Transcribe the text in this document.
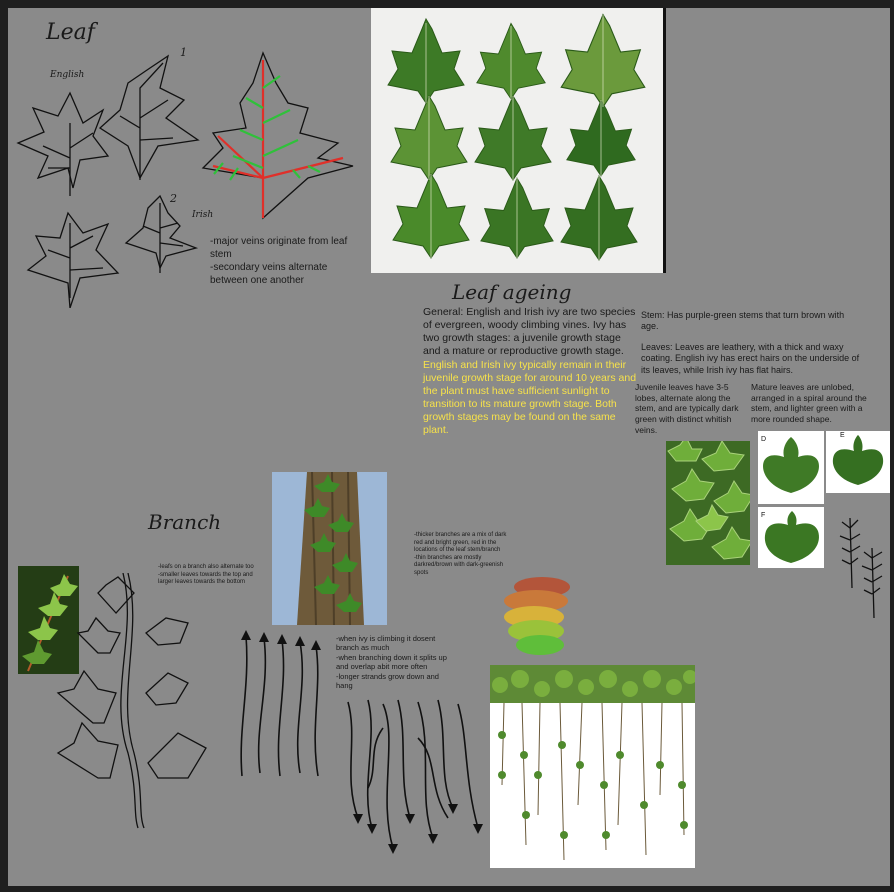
Leaf
English
1
2
Irish
-major veins originate from leaf stem
-secondary veins alternate between one another	Leaf ageing
General: English and Irish ivy are two species of evergreen, woody climbing vines. Ivy has two growth stages: a juvenile growth stage and a mature or reproductive growth stage. English and Irish ivy typically remain in their juvenile growth stage for around 10 years and the plant must have sufficient sunlight to transition to its mature growth stage. Both growth stages may be found on the same plant.
Stem: Has purple-green stems that turn brown with age.
Leaves: Leaves are leathery, with a thick and waxy coating. English ivy has erect hairs on the underside of its leaves, while Irish ivy has flat hairs.
Juvenile leaves have 3-5 lobes, alternate along the stem, and are typically dark green with distinct whitish veins.
Mature leaves are unlobed, arranged in a spiral around the stem, and lighter green with a more rounded shape.
D
E
F
Branch
-leafs on a branch also alternate too
-smaller leaves towards the top and larger leaves towards the bottom
-thicker branches are a mix of dark red and bright green, red in the locations of the leaf stem/branch
-thin branches are mostly darkred/brown with dark-greenish spots
-when ivy is climbing it dosent branch as much
-when branching down it splits up and overlap abit more often
-longer strands grow down and hang
